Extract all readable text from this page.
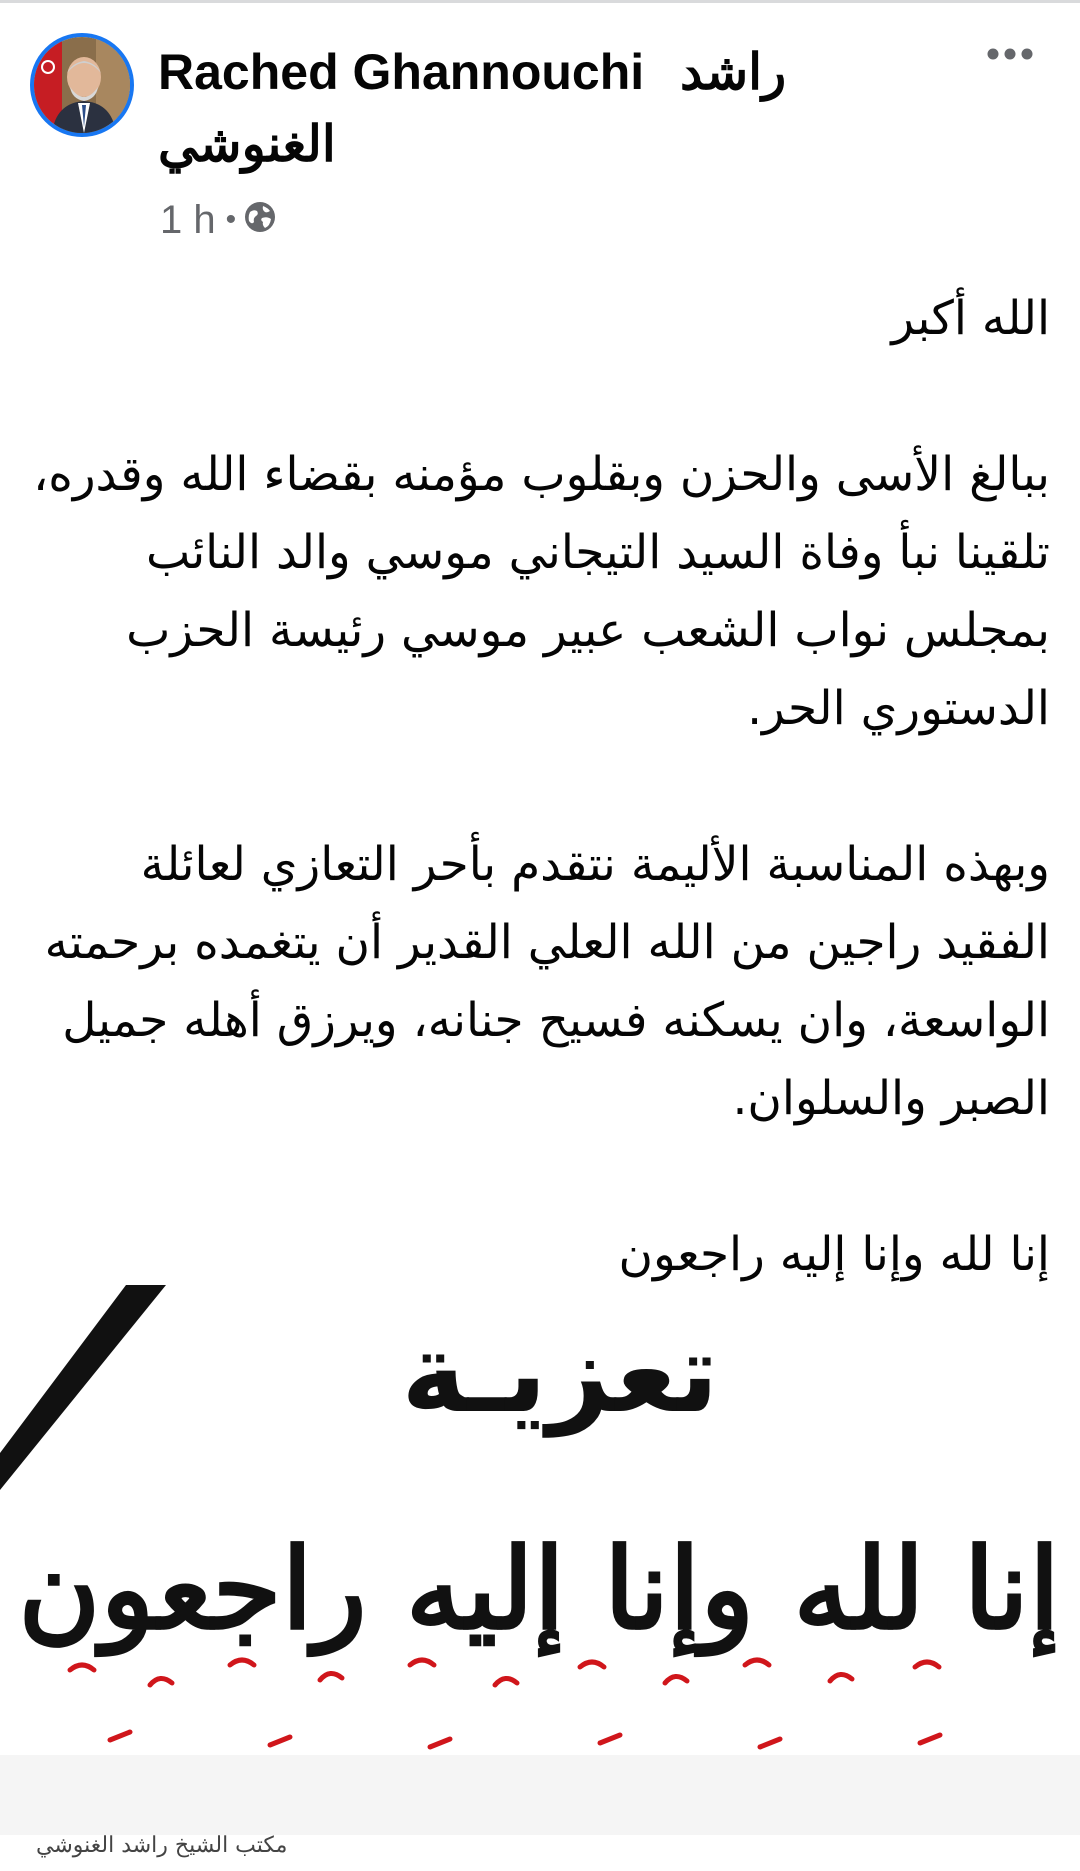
Rached Ghannouchi راشد
الغنوشي
1 h •

الله أكبر

ببالغ الأسى والحزن وبقلوب مؤمنه بقضاء الله وقدره، تلقينا نبأ وفاة السيد التيجاني موسي والد النائب بمجلس نواب الشعب عبير موسي رئيسة الحزب الدستوري الحر.

وبهذه المناسبة الأليمة نتقدم بأحر التعازي لعائلة الفقيد راجين من الله العلي القدير أن يتغمده برحمته الواسعة، وان يسكنه فسيح جنانه، ويرزق أهله جميل الصبر والسلوان.

إنا لله وإنا إليه راجعون

تعزيـة
إنا لله وإنا إليه راجعون
مكتب الشيخ راشد الغنوشي
